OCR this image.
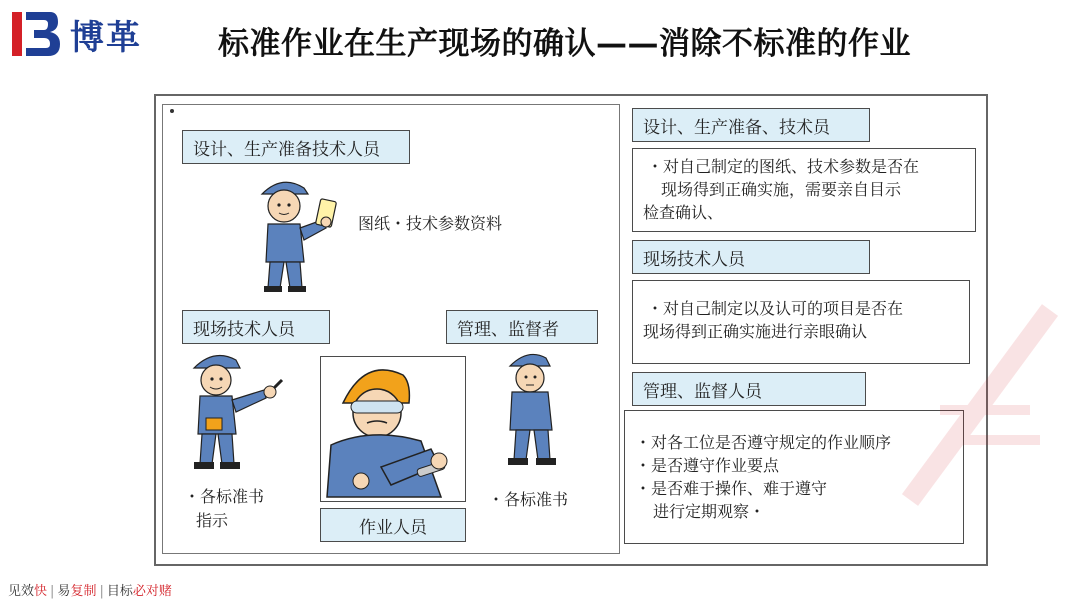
博革 标准作业在生产现场的确认——消除不标准的作业
设计、生产准备技术人员
图纸・技术参数资料
现场技术人员	管理、监督者
・各标准书
指示
・各标准书
作业人员
设计、生产准备、技术员
・对自己制定的图纸、技术参数是否在
现场得到正确实施，需要亲自目示
检查确认、
现场技术人员
・对自己制定以及认可的项目是否在
现场得到正确实施进行亲眼确认
管理、监督人员
・对各工位是否遵守规定的作业顺序
・是否遵守作业要点
・是否难于操作、难于遵守
进行定期观察・
见效快 | 易复制 | 目标必对赌
